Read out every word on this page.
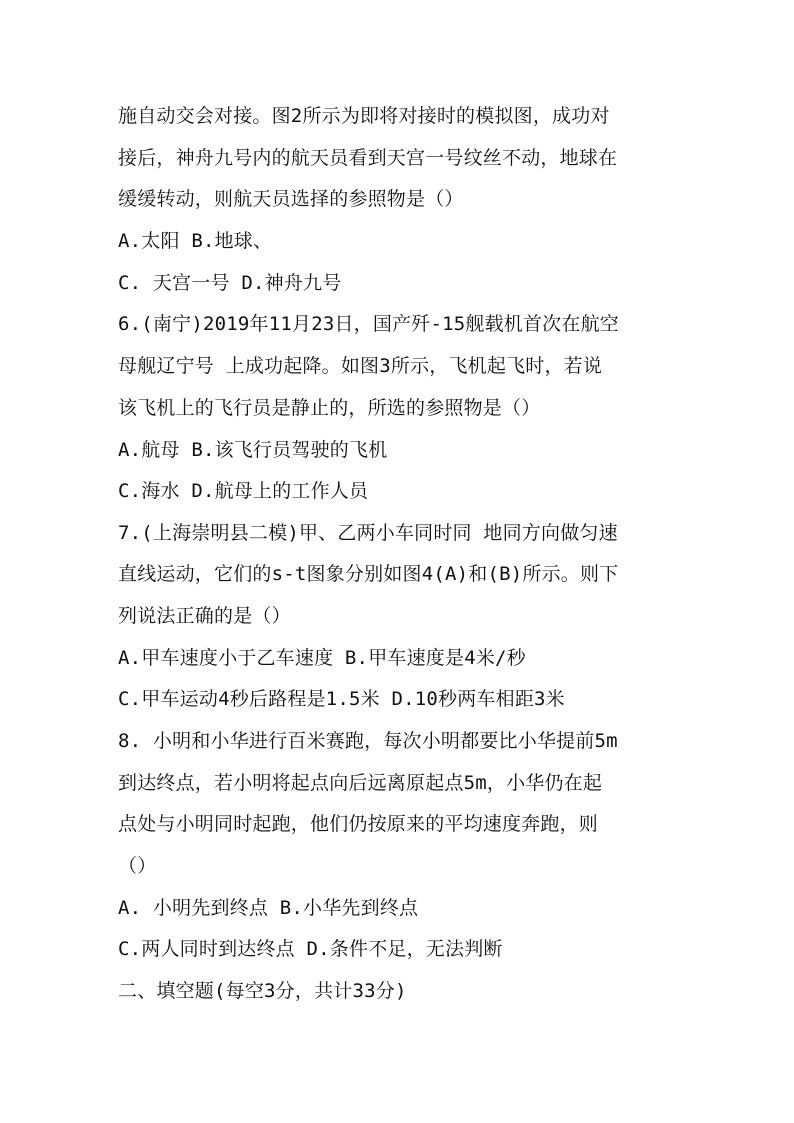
施自动交会对接。图2所示为即将对接时的模拟图，成功对
接后，神舟九号内的航天员看到天宫一号纹丝不动，地球在
缓缓转动，则航天员选择的参照物是（）
A.太阳 B.地球、
C. 天宫一号 D.神舟九号
6.(南宁)2019年11月23日，国产歼-15舰载机首次在航空
母舰辽宁号 上成功起降。如图3所示，飞机起飞时，若说
该飞机上的飞行员是静止的，所选的参照物是（）
A.航母 B.该飞行员驾驶的飞机
C.海水 D.航母上的工作人员
7.(上海崇明县二模)甲、乙两小车同时同 地同方向做匀速
直线运动，它们的s-t图象分别如图4(A)和(B)所示。则下
列说法正确的是（）
A.甲车速度小于乙车速度 B.甲车速度是4米/秒
C.甲车运动4秒后路程是1.5米 D.10秒两车相距3米
8. 小明和小华进行百米赛跑，每次小明都要比小华提前5m
到达终点，若小明将起点向后远离原起点5m，小华仍在起
点处与小明同时起跑，他们仍按原来的平均速度奔跑，则
（）
A. 小明先到终点 B.小华先到终点
C.两人同时到达终点 D.条件不足，无法判断
二、填空题(每空3分，共计33分)
